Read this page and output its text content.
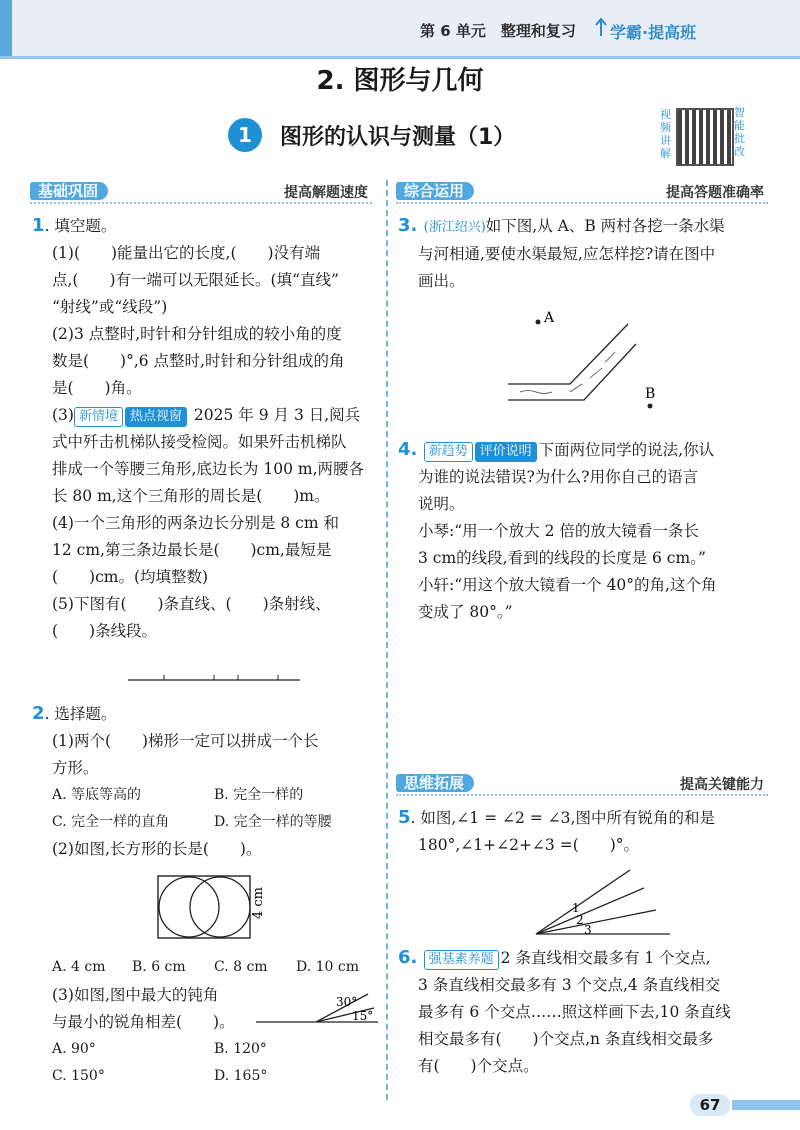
第 6 单元　整理和复习 学霸·提高班
2. 图形与几何
1	图形的认识与测量（1）
视频讲解
智能批改
基础巩固	提高解题速度	综合运用	提高答题准确率
思维拓展	提高关键能力
1. 填空题。
(1)(　　)能量出它的长度,(　　)没有端
点,(　　)有一端可以无限延长。(填“直线”
“射线”或“线段”)
(2)3 点整时,时针和分针组成的较小角的度
数是(　　)°,6 点整时,时针和分针组成的角
是(　　)角。
(3) 新情境 热点视窗 2025 年 9 月 3 日,阅兵
式中歼击机梯队接受检阅。如果歼击机梯队
排成一个等腰三角形,底边长为 100 m,两腰各
长 80 m,这个三角形的周长是(　　)m。
(4)一个三角形的两条边长分别是 8 cm 和
12 cm,第三条边最长是(　　)cm,最短是
(　　)cm。(均填整数)
(5)下图有(　　)条直线、(　　)条射线、
(　　)条线段。
2. 选择题。
(1)两个(　　)梯形一定可以拼成一个长
方形。
A. 等底等高的	B. 完全一样的
C. 完全一样的直角	D. 完全一样的等腰
(2)如图,长方形的长是(　　)。
4 cm
A. 4 cm B. 6 cm C. 8 cm D. 10 cm
(3)如图,图中最大的钝角
与最小的锐角相差(　　)。
A. 90°	B. 120°
C. 150°	D. 165°
30°
15°
3. (浙江绍兴)如下图,从 A、B 两村各挖一条水渠
与河相通,要使水渠最短,应怎样挖?请在图中
画出。
A
B
4. 新趋势 评价说明 下面两位同学的说法,你认
为谁的说法错误?为什么?用你自己的语言
说明。
小琴:“用一个放大 2 倍的放大镜看一条长
3 cm的线段,看到的线段的长度是 6 cm。”
小轩:“用这个放大镜看一个 40°的角,这个角
变成了 80°。”
5. 如图,∠1 = ∠2 = ∠3,图中所有锐角的和是
180°,∠1+∠2+∠3 =(　　)°。
1
2
3
6. 强基素养题 2 条直线相交最多有 1 个交点,
3 条直线相交最多有 3 个交点,4 条直线相交
最多有 6 个交点……照这样画下去,10 条直线
相交最多有(　　)个交点,n 条直线相交最多
有(　　)个交点。
67
